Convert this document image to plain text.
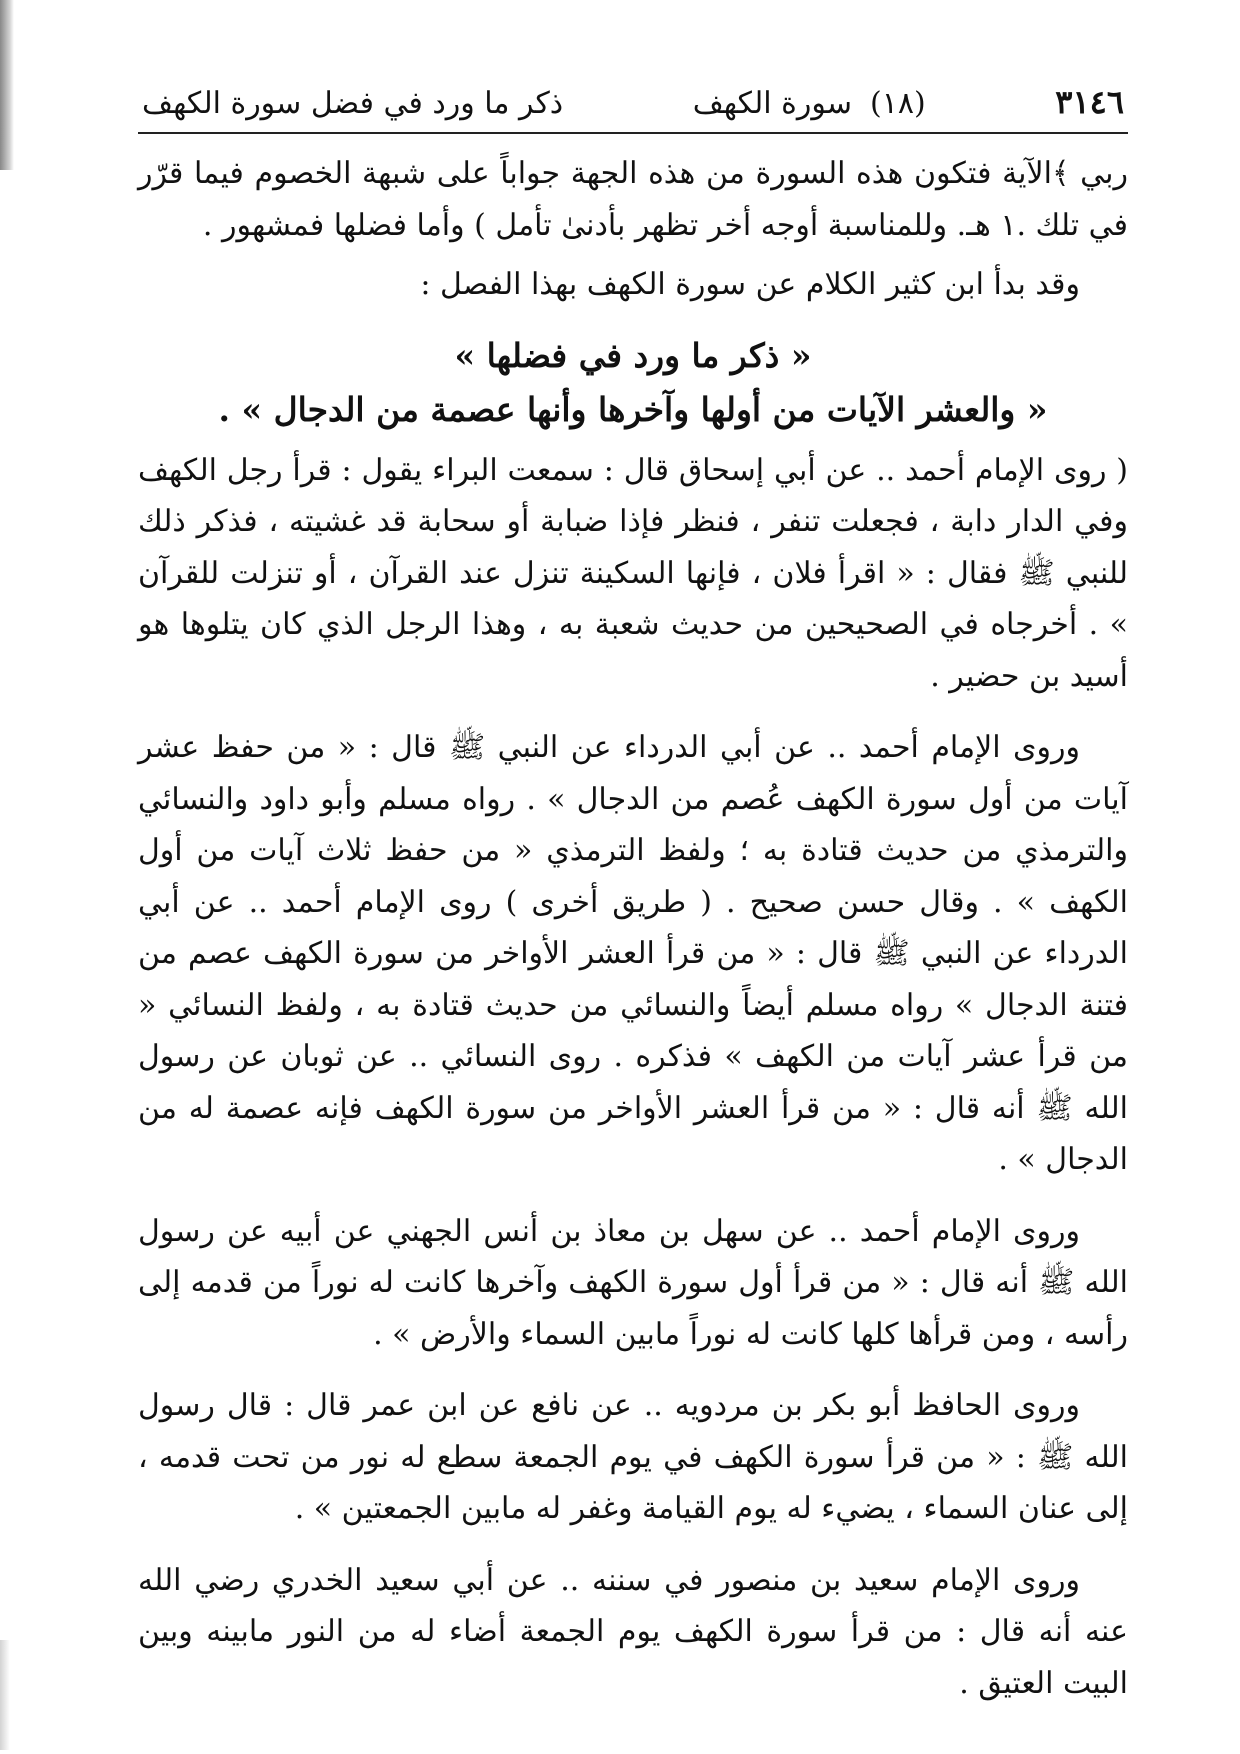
٣١٤٦
(١٨)
سورة الكهف
ذكر ما ورد في فضل سورة الكهف

ربي ﴾الآية فتكون هذه السورة من هذه الجهة جواباً على شبهة الخصوم فيما قرّر في تلك .١ هـ. وللمناسبة أوجه أخر تظهر بأدنىٰ تأمل ) وأما فضلها فمشهور .

وقد بدأ ابن كثير الكلام عن سورة الكهف بهذا الفصل :

« ذكر ما ورد في فضلها »

« والعشر الآيات من أولها وآخرها وأنها عصمة من الدجال » .

( روى الإمام أحمد .. عن أبي إسحاق قال : سمعت البراء يقول : قرأ رجل الكهف وفي الدار دابة ، فجعلت تنفر ، فنظر فإذا ضبابة أو سحابة قد غشيته ، فذكر ذلك للنبي ﷺ فقال : « اقرأ فلان ، فإنها السكينة تنزل عند القرآن ، أو تنزلت للقرآن » . أخرجاه في الصحيحين من حديث شعبة به ، وهذا الرجل الذي كان يتلوها هو أسيد بن حضير .

وروى الإمام أحمد .. عن أبي الدرداء عن النبي ﷺ قال : « من حفظ عشر آيات من أول سورة الكهف عُصم من الدجال » . رواه مسلم وأبو داود والنسائي والترمذي من حديث قتادة به ؛ ولفظ الترمذي « من حفظ ثلاث آيات من أول الكهف » . وقال حسن صحيح . ( طريق أخرى ) روى الإمام أحمد .. عن أبي الدرداء عن النبي ﷺ قال : « من قرأ العشر الأواخر من سورة الكهف عصم من فتنة الدجال » رواه مسلم أيضاً والنسائي من حديث قتادة به ، ولفظ النسائي « من قرأ عشر آيات من الكهف » فذكره . روى النسائي .. عن ثوبان عن رسول الله ﷺ أنه قال : « من قرأ العشر الأواخر من سورة الكهف فإنه عصمة له من الدجال » .

وروى الإمام أحمد .. عن سهل بن معاذ بن أنس الجهني عن أبيه عن رسول الله ﷺ أنه قال : « من قرأ أول سورة الكهف وآخرها كانت له نوراً من قدمه إلى رأسه ، ومن قرأها كلها كانت له نوراً مابين السماء والأرض » .

وروى الحافظ أبو بكر بن مردويه .. عن نافع عن ابن عمر قال : قال رسول الله ﷺ : « من قرأ سورة الكهف في يوم الجمعة سطع له نور من تحت قدمه ، إلى عنان السماء ، يضيء له يوم القيامة وغفر له مابين الجمعتين » .

وروى الإمام سعيد بن منصور في سننه .. عن أبي سعيد الخدري رضي الله عنه أنه قال : من قرأ سورة الكهف يوم الجمعة أضاء له من النور مابينه وبين البيت العتيق .
